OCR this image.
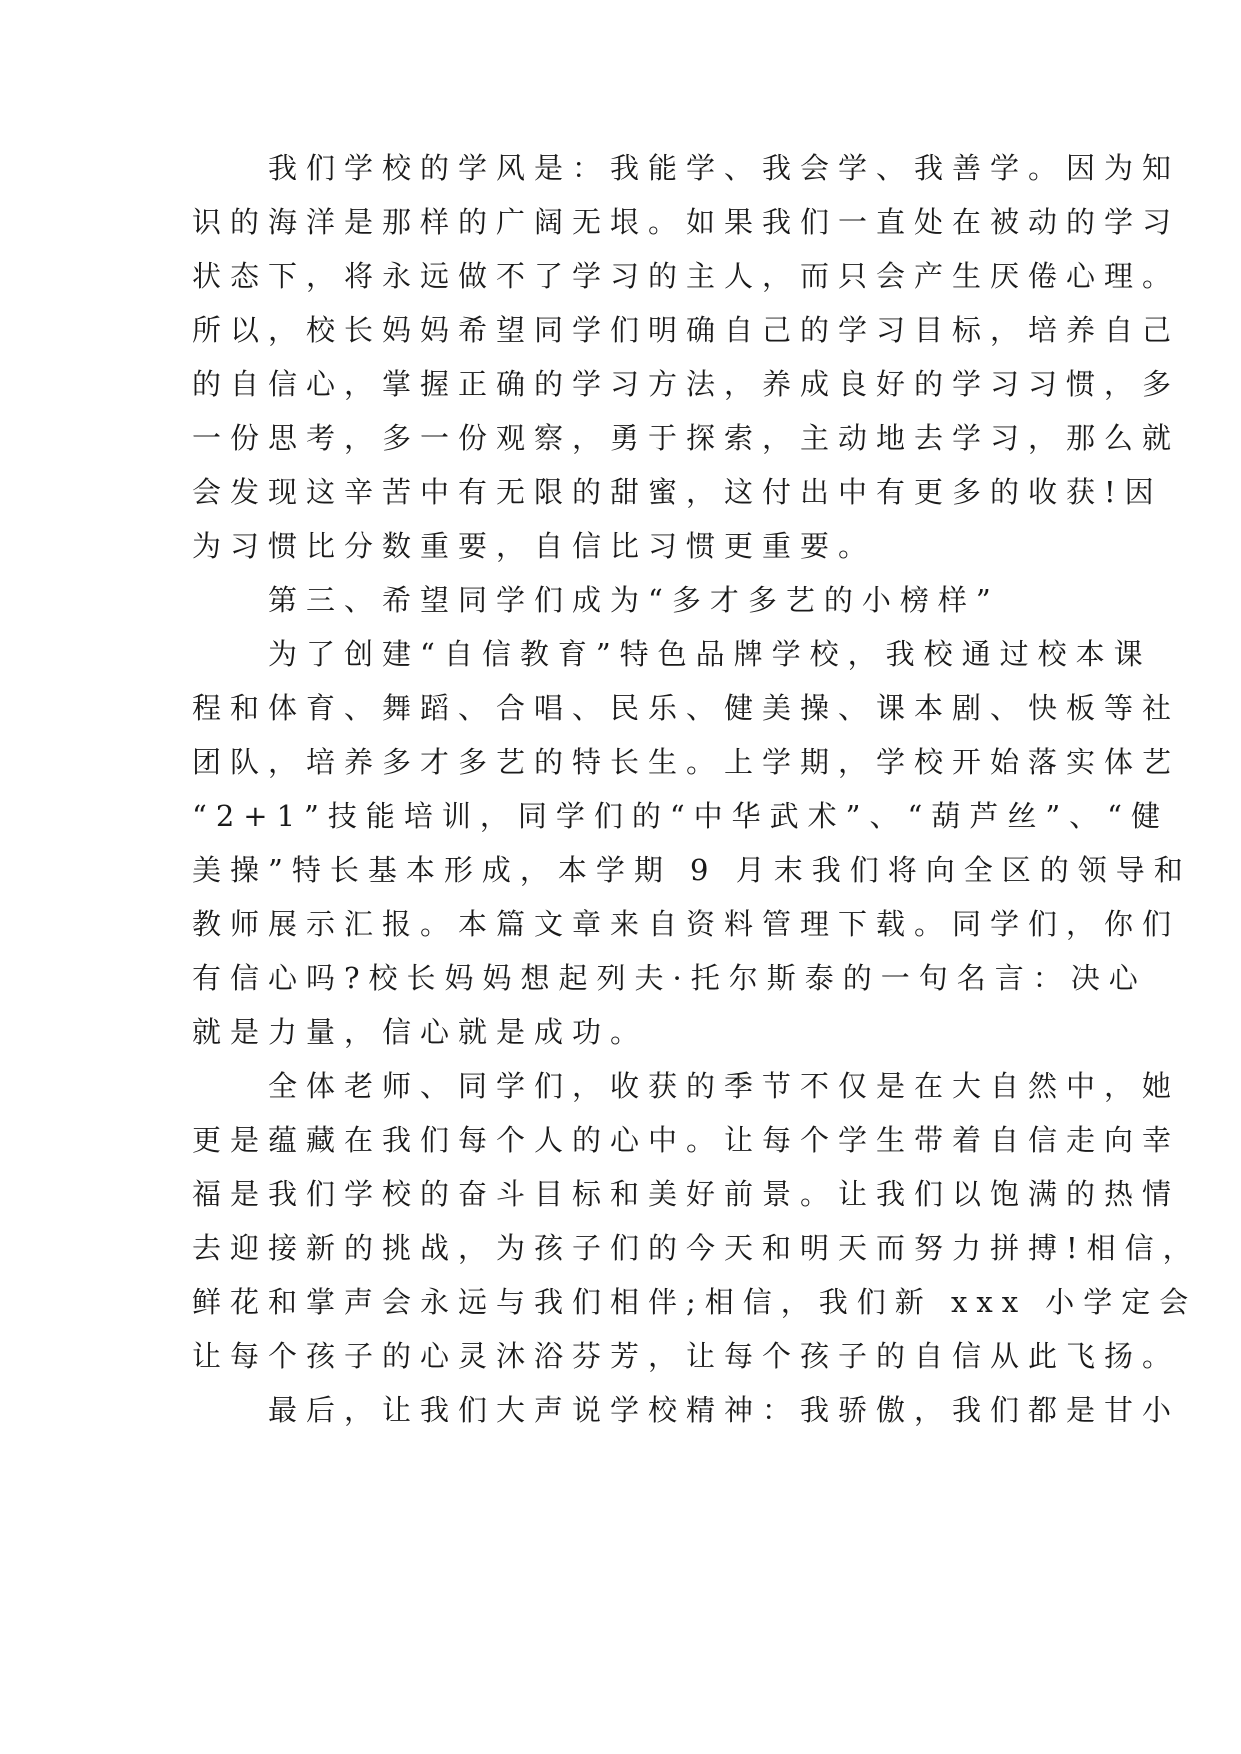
　　我们学校的学风是：我能学、我会学、我善学。因为知

识的海洋是那样的广阔无垠。如果我们一直处在被动的学习

状态下，将永远做不了学习的主人，而只会产生厌倦心理。

所以，校长妈妈希望同学们明确自己的学习目标，培养自己

的自信心，掌握正确的学习方法，养成良好的学习习惯，多

一份思考，多一份观察，勇于探索，主动地去学习，那么就

会发现这辛苦中有无限的甜蜜，这付出中有更多的收获!因

为习惯比分数重要，自信比习惯更重要。

　　第三、希望同学们成为“多才多艺的小榜样”

　　为了创建“自信教育”特色品牌学校，我校通过校本课

程和体育、舞蹈、合唱、民乐、健美操、课本剧、快板等社

团队，培养多才多艺的特长生。上学期，学校开始落实体艺

“2+1”技能培训，同学们的“中华武术”、“葫芦丝”、“健

美操”特长基本形成，本学期 9 月末我们将向全区的领导和

教师展示汇报。本篇文章来自资料管理下载。同学们，你们

有信心吗?校长妈妈想起列夫·托尔斯泰的一句名言：决心

就是力量，信心就是成功。

　　全体老师、同学们，收获的季节不仅是在大自然中，她

更是蕴藏在我们每个人的心中。让每个学生带着自信走向幸

福是我们学校的奋斗目标和美好前景。让我们以饱满的热情

去迎接新的挑战，为孩子们的今天和明天而努力拼搏!相信，

鲜花和掌声会永远与我们相伴;相信，我们新 xxx 小学定会

让每个孩子的心灵沐浴芬芳，让每个孩子的自信从此飞扬。

　　最后，让我们大声说学校精神：我骄傲，我们都是甘小
